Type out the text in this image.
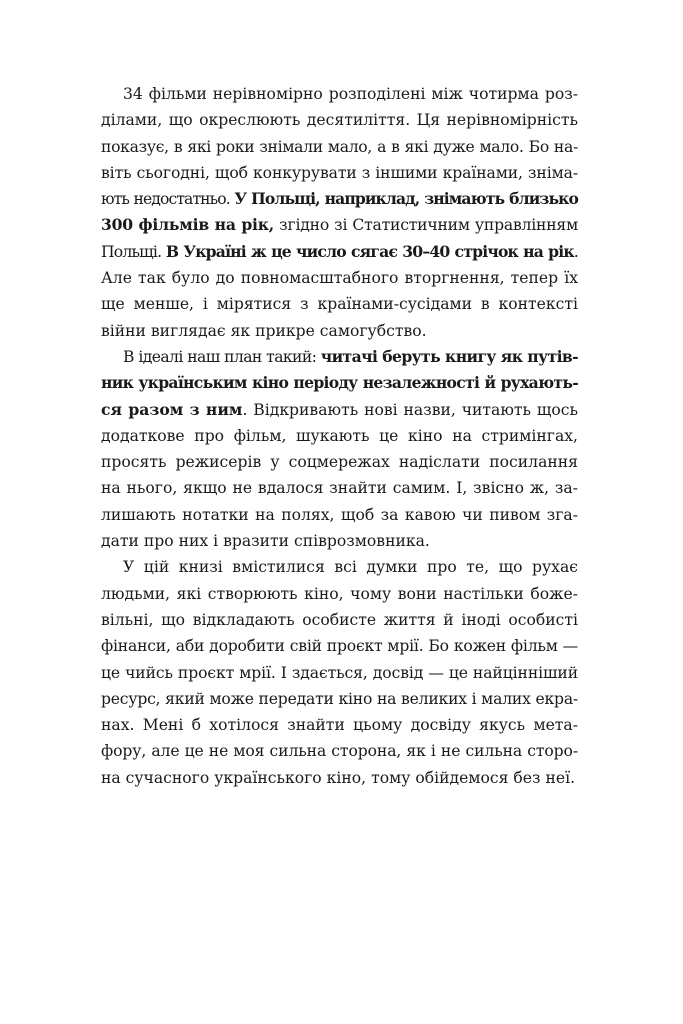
34 фільми нерівномірно розподілені між чотирма роз-
ділами, що окреслюють десятиліття. Ця нерівномірність
показує, в які роки знімали мало, а в які дуже мало. Бо на-
віть сьогодні, щоб конкурувати з іншими країнами, зніма-
ють недостатньо. У Польщі, наприклад, знімають близько
300 фільмів на рік, згідно зі Статистичним управлінням
Польщі. В Україні ж це число сягає 30–40 стрічок на рік.
Але так було до повномасштабного вторгнення, тепер їх
ще менше, і мірятися з країнами-сусідами в контексті
війни виглядає як прикре самогубство.
В ідеалі наш план такий: читачі беруть книгу як путів-
ник українським кіно періоду незалежності й рухають-
ся разом з ним. Відкривають нові назви, читають щось
додаткове про фільм, шукають це кіно на стримінгах,
просять режисерів у соцмережах надіслати посилання
на нього, якщо не вдалося знайти самим. І, звісно ж, за-
лишають нотатки на полях, щоб за кавою чи пивом зга-
дати про них і вразити співрозмовника.
У цій книзі вмістилися всі думки про те, що рухає
людьми, які створюють кіно, чому вони настільки боже-
вільні, що відкладають особисте життя й іноді особисті
фінанси, аби доробити свій проєкт мрії. Бо кожен фільм —
це чийсь проєкт мрії. І здається, досвід — це найцінніший
ресурс, який може передати кіно на великих і малих екра-
нах. Мені б хотілося знайти цьому досвіду якусь мета-
фору, але це не моя сильна сторона, як і не сильна сторо-
на сучасного українського кіно, тому обійдемося без неї.
